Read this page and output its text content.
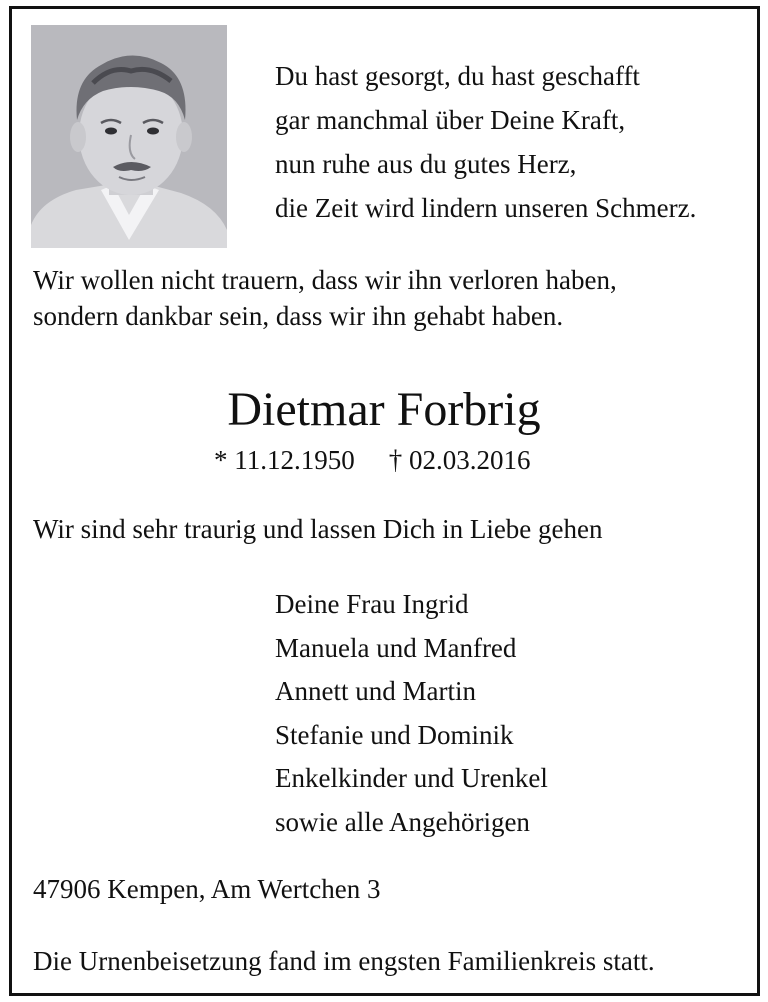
Du hast gesorgt, du hast geschafft
gar manchmal über Deine Kraft,
nun ruhe aus du gutes Herz,
die Zeit wird lindern unseren Schmerz.
Wir wollen nicht trauern, dass wir ihn verloren haben,
sondern dankbar sein, dass wir ihn gehabt haben.
Dietmar Forbrig
* 11.12.1950 † 02.03.2016
Wir sind sehr traurig und lassen Dich in Liebe gehen
Deine Frau Ingrid
Manuela und Manfred
Annett und Martin
Stefanie und Dominik
Enkelkinder und Urenkel
sowie alle Angehörigen
47906 Kempen, Am Wertchen 3
Die Urnenbeisetzung fand im engsten Familienkreis statt.
